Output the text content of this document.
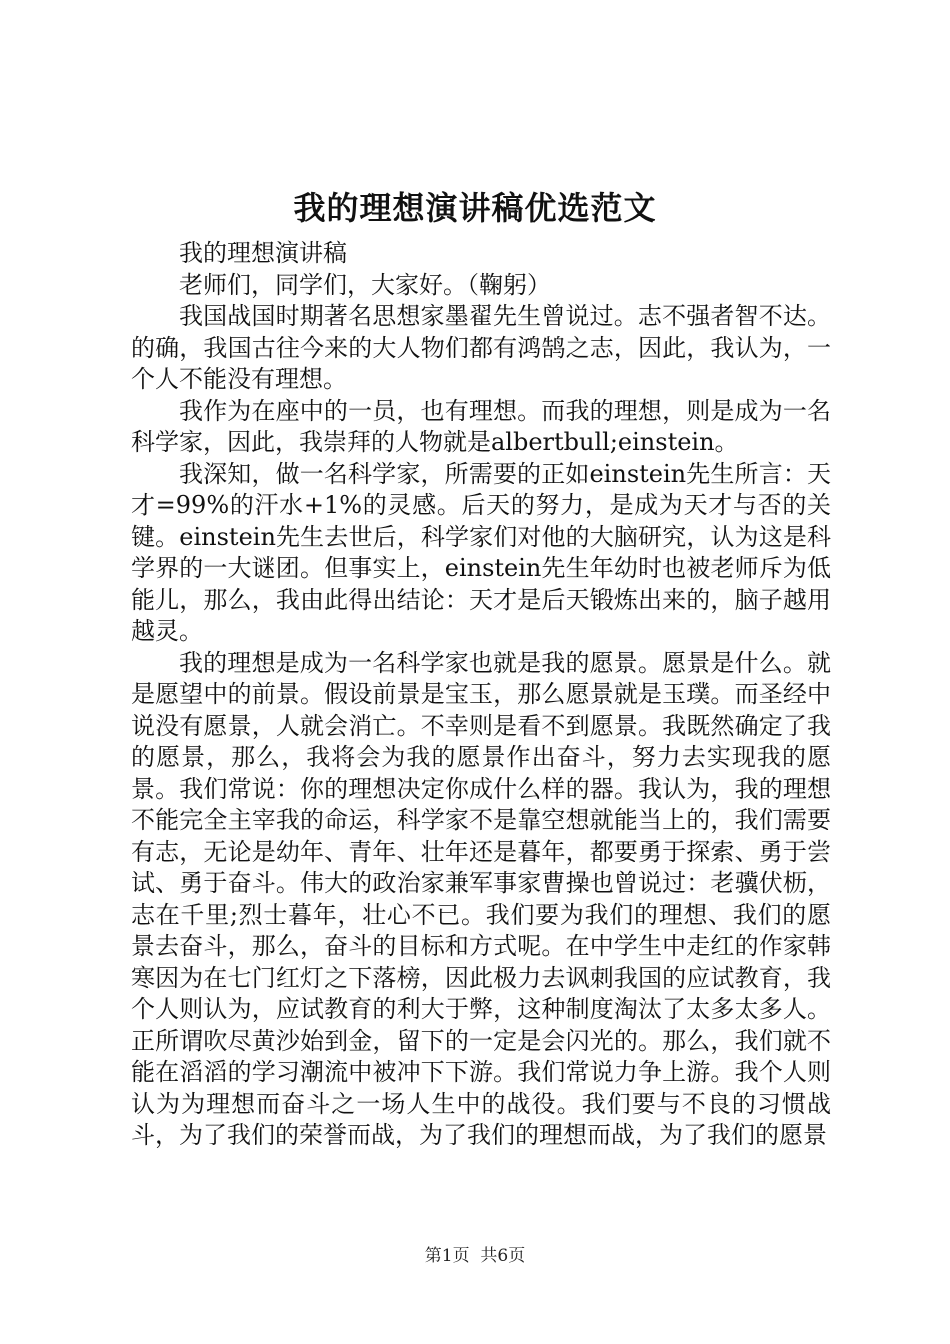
我的理想演讲稿优选范文

我的理想演讲稿

老师们，同学们，大家好。（鞠躬）

我国战国时期著名思想家墨翟先生曾说过。志不强者智不达。的确，我国古往今来的大人物们都有鸿鹄之志，因此，我认为，一个人不能没有理想。

我作为在座中的一员，也有理想。而我的理想，则是成为一名科学家，因此，我崇拜的人物就是albertbull;einstein。

我深知，做一名科学家，所需要的正如einstein先生所言：天才=99%的汗水+1%的灵感。后天的努力，是成为天才与否的关键。einstein先生去世后，科学家们对他的大脑研究，认为这是科学界的一大谜团。但事实上，einstein先生年幼时也被老师斥为低能儿，那么，我由此得出结论：天才是后天锻炼出来的，脑子越用越灵。

我的理想是成为一名科学家也就是我的愿景。愿景是什么。就是愿望中的前景。假设前景是宝玉，那么愿景就是玉璞。而圣经中说没有愿景，人就会消亡。不幸则是看不到愿景。我既然确定了我的愿景，那么，我将会为我的愿景作出奋斗，努力去实现我的愿景。我们常说：你的理想决定你成什么样的器。我认为，我的理想不能完全主宰我的命运，科学家不是靠空想就能当上的，我们需要有志，无论是幼年、青年、壮年还是暮年，都要勇于探索、勇于尝试、勇于奋斗。伟大的政治家兼军事家曹操也曾说过：老骥伏枥，志在千里;烈士暮年，壮心不已。我们要为我们的理想、我们的愿景去奋斗，那么，奋斗的目标和方式呢。在中学生中走红的作家韩寒因为在七门红灯之下落榜，因此极力去讽刺我国的应试教育，我个人则认为，应试教育的利大于弊，这种制度淘汰了太多太多人。正所谓吹尽黄沙始到金，留下的一定是会闪光的。那么，我们就不能在滔滔的学习潮流中被冲下下游。我们常说力争上游。我个人则认为为理想而奋斗之一场人生中的战役。我们要与不良的习惯战斗，为了我们的荣誉而战，为了我们的理想而战，为了我们的愿景

第1页 共6页
